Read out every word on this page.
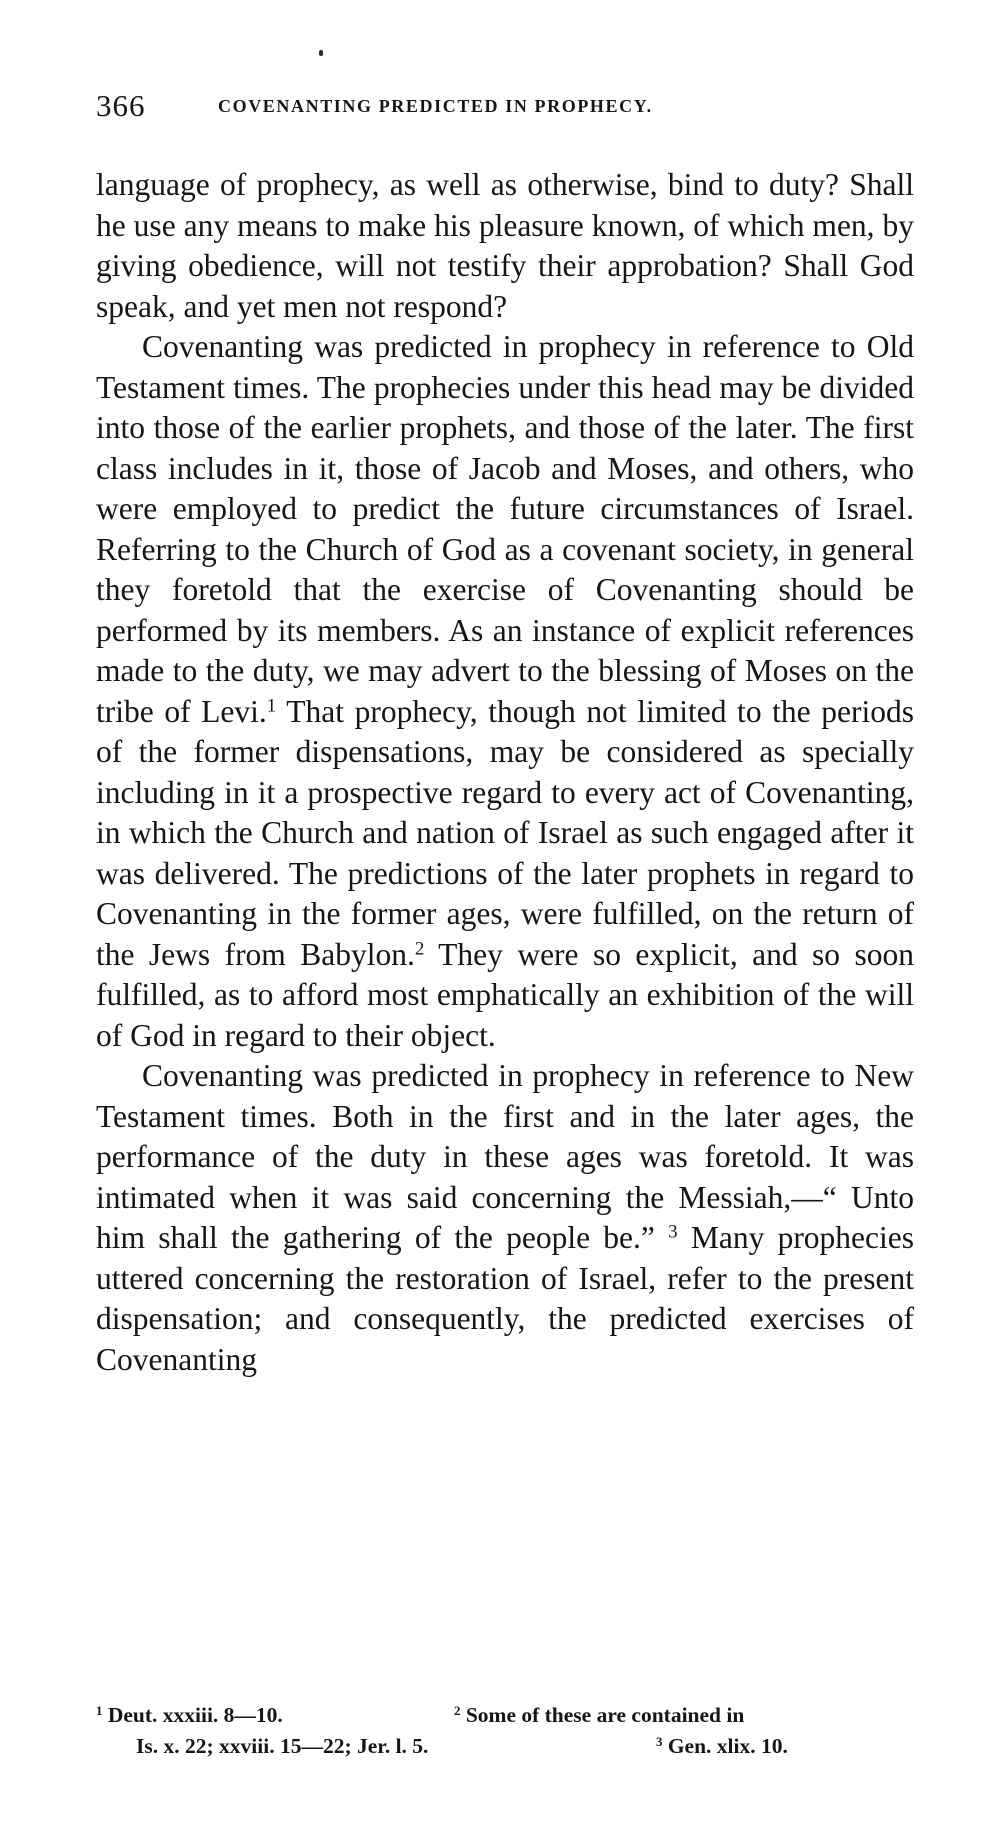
366	COVENANTING PREDICTED IN PROPHECY.

language of prophecy, as well as otherwise, bind to duty? Shall he use any means to make his pleasure known, of which men, by giving obedience, will not testify their approbation? Shall God speak, and yet men not respond?

Covenanting was predicted in prophecy in reference to Old Testament times. The prophecies under this head may be divided into those of the earlier prophets, and those of the later. The first class includes in it, those of Jacob and Moses, and others, who were employed to predict the future circumstances of Israel. Referring to the Church of God as a covenant society, in general they foretold that the exercise of Covenanting should be performed by its members. As an instance of explicit references made to the duty, we may advert to the blessing of Moses on the tribe of Levi.$^1$ That prophecy, though not limited to the periods of the former dispensations, may be considered as specially including in it a prospective regard to every act of Covenanting, in which the Church and nation of Israel as such engaged after it was delivered. The predictions of the later prophets in regard to Covenanting in the former ages, were fulfilled, on the return of the Jews from Babylon.$^2$ They were so explicit, and so soon fulfilled, as to afford most emphatically an exhibition of the will of God in regard to their object.

Covenanting was predicted in prophecy in reference to New Testament times. Both in the first and in the later ages, the performance of the duty in these ages was foretold. It was intimated when it was said concerning the Messiah,—“ Unto him shall the gathering of the people be.” $^3$ Many prophecies uttered concerning the restoration of Israel, refer to the present dispensation; and consequently, the predicted exercises of Covenanting

$^1$ Deut. xxxiii. 8—10.	$^2$ Some of these are contained in
Is. x. 22; xxviii. 15—22; Jer. l. 5.	$^3$ Gen. xlix. 10.
